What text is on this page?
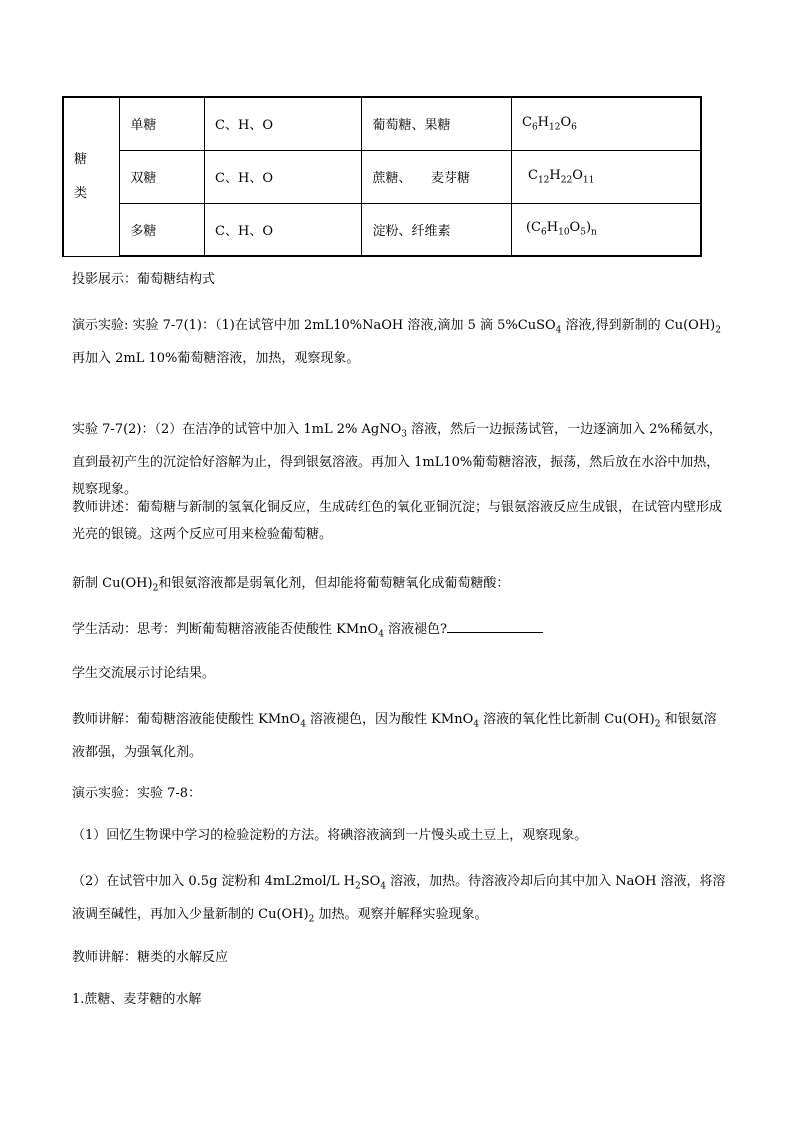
糖
类	单糖	C、H、O	葡萄糖、果糖	$C_6H_{12}O_6$
	双糖	C、H、O	蔗糖、　　麦芽糖	$C_{12}H_{22}O_{11}$
	多糖	C、H、O	淀粉、纤维素	$(C_6H_{10}O_5)_n$

投影展示：葡萄糖结构式

演示实验: 实验 7-7(1)：（1)在试管中加 2mL10%NaOH 溶液,滴加 5 滴 5%CuSO$_4$ 溶液,得到新制的 $Cu(OH)_2$ 再加入 2mL 10%葡萄糖溶液，加热，观察现象。

实验 7-7(2)：（2）在洁净的试管中加入 1mL 2% AgNO$_3$ 溶液，然后一边振荡试管，一边逐滴加入 2%稀氨水，直到最初产生的沉淀恰好溶解为止，得到银氨溶液。再加入 1mL10%葡萄糖溶液，振荡，然后放在水浴中加热，规察现象。

教师讲述：葡萄糖与新制的氢氧化铜反应，生成砖红色的氧化亚铜沉淀；与银氨溶液反应生成银，在试管内壁形成光亮的银镜。这两个反应可用来检验葡萄糖。

新制 $Cu(OH)_2$和银氨溶液都是弱氧化剂，但却能将葡萄糖氧化成葡萄糖酸：

学生活动：思考：判断葡萄糖溶液能否使酸性 KMnO$_4$ 溶液褪色?

学生交流展示讨论结果。

教师讲解：葡萄糖溶液能使酸性 KMnO$_4$ 溶液褪色，因为酸性 KMnO$_4$ 溶液的氧化性比新制 $Cu(OH)_2$ 和银氨溶液都强，为强氧化剂。

演示实验：实验 7-8：

（1）回忆生物课中学习的检验淀粉的方法。将碘溶液滴到一片慢头或土豆上，观察现象。

（2）在试管中加入 0.5g 淀粉和 4mL2mol/L $H_2SO_4$ 溶液，加热。待溶液冷却后向其中加入 NaOH 溶液，将溶液调至碱性，再加入少量新制的 $Cu(OH)_2$ 加热。观察并解释实验现象。

教师讲解：糖类的水解反应

1.蔗糖、麦芽糖的水解
